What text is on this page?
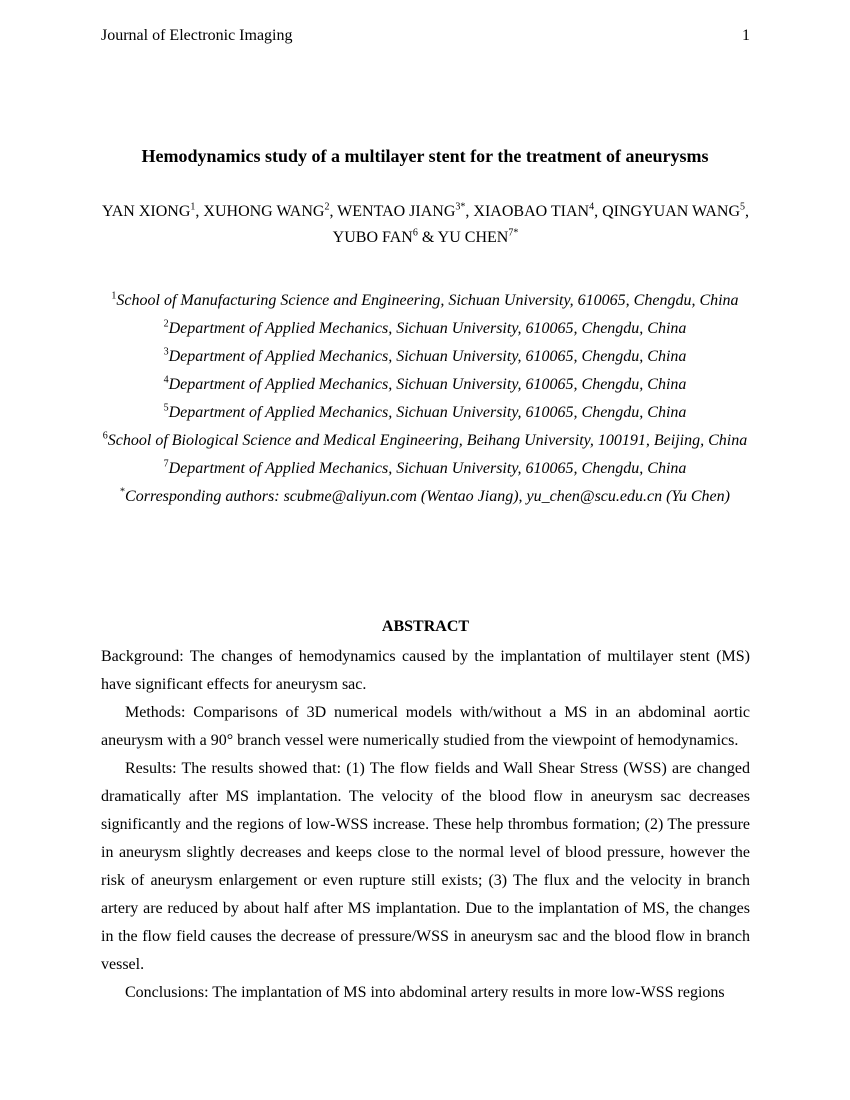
Journal of Electronic Imaging	1
Hemodynamics study of a multilayer stent for the treatment of aneurysms
YAN XIONG$^1$, XUHONG WANG$^2$, WENTAO $JIANG^{3*}$, XIAOBAO TIAN$^4$, QINGYUAN WANG$^5$, YUBO FAN$^6$ & YU $CHEN^{7*}$
$^1$School of Manufacturing Science and Engineering, Sichuan University, 610065, Chengdu, China
$^2$Department of Applied Mechanics, Sichuan University, 610065, Chengdu, China
$^3$Department of Applied Mechanics, Sichuan University, 610065, Chengdu, China
$^4$Department of Applied Mechanics, Sichuan University, 610065, Chengdu, China
$^5$Department of Applied Mechanics, Sichuan University, 610065, Chengdu, China
$^6$School of Biological Science and Medical Engineering, Beihang University, 100191, Beijing, China
$^7$Department of Applied Mechanics, Sichuan University, 610065, Chengdu, China
*Corresponding authors: scubme@aliyun.com (Wentao Jiang), yu_chen@scu.edu.cn (Yu Chen)
ABSTRACT

Background: The changes of hemodynamics caused by the implantation of multilayer stent (MS) have significant effects for aneurysm sac.

Methods: Comparisons of 3D numerical models with/without a MS in an abdominal aortic aneurysm with a 90° branch vessel were numerically studied from the viewpoint of hemodynamics.

Results: The results showed that: (1) The flow fields and Wall Shear Stress (WSS) are changed dramatically after MS implantation. The velocity of the blood flow in aneurysm sac decreases significantly and the regions of low-WSS increase. These help thrombus formation; (2) The pressure in aneurysm slightly decreases and keeps close to the normal level of blood pressure, however the risk of aneurysm enlargement or even rupture still exists; (3) The flux and the velocity in branch artery are reduced by about half after MS implantation. Due to the implantation of MS, the changes in the flow field causes the decrease of pressure/WSS in aneurysm sac and the blood flow in branch vessel.

Conclusions: The implantation of MS into abdominal artery results in more low-WSS regions
